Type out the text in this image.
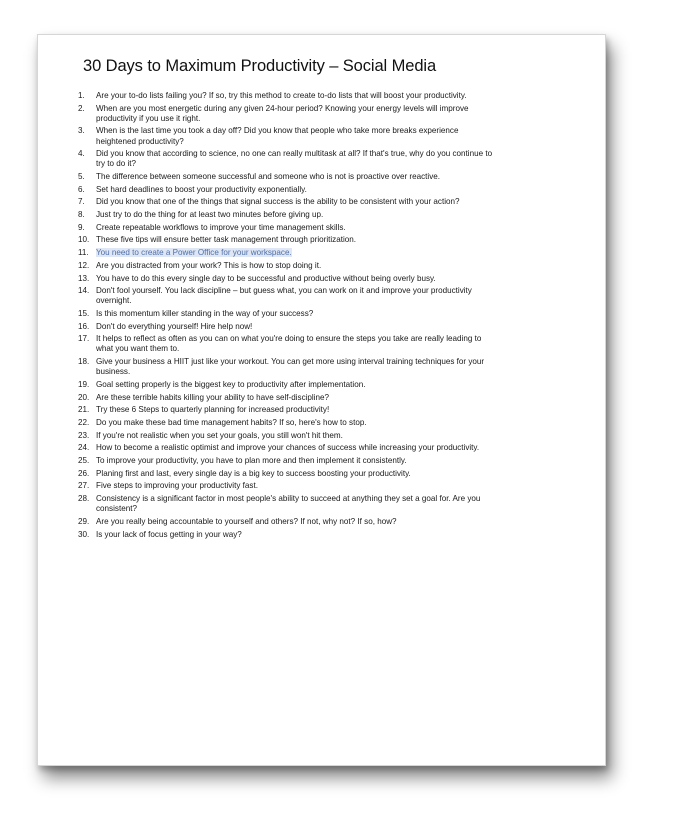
30 Days to Maximum Productivity – Social Media
1.	Are your to-do lists failing you? If so, try this method to create to-do lists that will boost your productivity.
2.	When are you most energetic during any given 24-hour period? Knowing your energy levels will improve productivity if you use it right.
3.	When is the last time you took a day off? Did you know that people who take more breaks experience heightened productivity?
4.	Did you know that according to science, no one can really multitask at all? If that's true, why do you continue to try to do it?
5.	The difference between someone successful and someone who is not is proactive over reactive.
6.	Set hard deadlines to boost your productivity exponentially.
7.	Did you know that one of the things that signal success is the ability to be consistent with your action?
8.	Just try to do the thing for at least two minutes before giving up.
9.	Create repeatable workflows to improve your time management skills.
10. These five tips will ensure better task management through prioritization.
11. You need to create a Power Office for your workspace.
12. Are you distracted from your work? This is how to stop doing it.
13. You have to do this every single day to be successful and productive without being overly busy.
14. Don't fool yourself. You lack discipline – but guess what, you can work on it and improve your productivity overnight.
15. Is this momentum killer standing in the way of your success?
16. Don't do everything yourself! Hire help now!
17. It helps to reflect as often as you can on what you're doing to ensure the steps you take are really leading to what you want them to.
18. Give your business a HIIT just like your workout. You can get more using interval training techniques for your business.
19. Goal setting properly is the biggest key to productivity after implementation.
20. Are these terrible habits killing your ability to have self-discipline?
21. Try these 6 Steps to quarterly planning for increased productivity!
22. Do you make these bad time management habits? If so, here's how to stop.
23. If you're not realistic when you set your goals, you still won't hit them.
24. How to become a realistic optimist and improve your chances of success while increasing your productivity.
25. To improve your productivity, you have to plan more and then implement it consistently.
26. Planing first and last, every single day is a big key to success boosting your productivity.
27. Five steps to improving your productivity fast.
28. Consistency is a significant factor in most people's ability to succeed at anything they set a goal for. Are you consistent?
29. Are you really being accountable to yourself and others? If not, why not? If so, how?
30. Is your lack of focus getting in your way?
